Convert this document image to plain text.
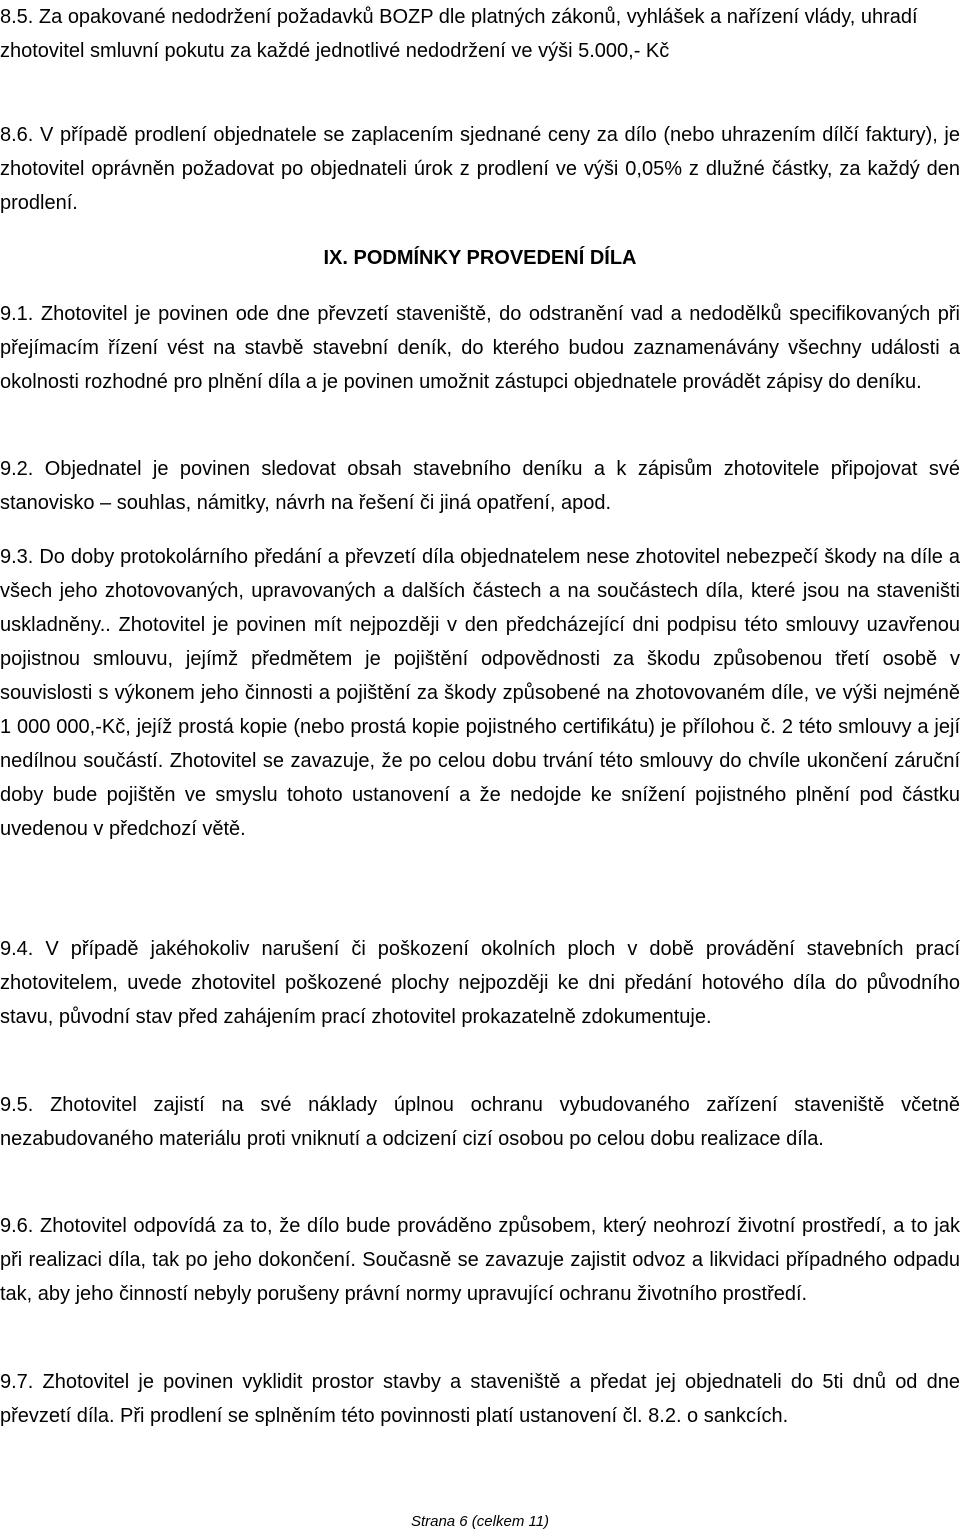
8.5. Za opakované nedodržení požadavků BOZP dle platných zákonů, vyhlášek a nařízení vlády, uhradí zhotovitel smluvní pokutu za každé jednotlivé nedodržení ve výši 5.000,- Kč

8.6. V případě prodlení objednatele se zaplacením sjednané ceny za dílo (nebo uhrazením dílčí faktury), je zhotovitel oprávněn požadovat po objednateli úrok z prodlení ve výši 0,05% z dlužné částky, za každý den prodlení.

IX. PODMÍNKY PROVEDENÍ DÍLA

9.1. Zhotovitel je povinen ode dne převzetí staveniště, do odstranění vad a nedodělků specifikovaných při přejímacím řízení vést na stavbě stavební deník, do kterého budou zaznamenávány všechny události a okolnosti rozhodné pro plnění díla a je povinen umožnit zástupci objednatele provádět zápisy do deníku.

9.2. Objednatel je povinen sledovat obsah stavebního deníku a k zápisům zhotovitele připojovat své stanovisko – souhlas, námitky, návrh na řešení či jiná opatření, apod.

9.3. Do doby protokolárního předání a převzetí díla objednatelem nese zhotovitel nebezpečí škody na díle a všech jeho zhotovovaných, upravovaných a dalších částech a na součástech díla, které jsou na staveništi uskladněny.. Zhotovitel je povinen mít nejpozději v den předcházející dni podpisu této smlouvy uzavřenou pojistnou smlouvu, jejímž předmětem je pojištění odpovědnosti za škodu způsobenou třetí osobě v souvislosti s výkonem jeho činnosti a pojištění za škody způsobené na zhotovovaném díle, ve výši nejméně 1 000 000,-Kč, jejíž prostá kopie (nebo prostá kopie pojistného certifikátu) je přílohou č. 2 této smlouvy a její nedílnou součástí. Zhotovitel se zavazuje, že po celou dobu trvání této smlouvy do chvíle ukončení záruční doby bude pojištěn ve smyslu tohoto ustanovení a že nedojde ke snížení pojistného plnění pod částku uvedenou v předchozí větě.

9.4. V případě jakéhokoliv narušení či poškození okolních ploch v době provádění stavebních prací zhotovitelem, uvede zhotovitel poškozené plochy nejpozději ke dni předání hotového díla do původního stavu, původní stav před zahájením prací zhotovitel prokazatelně zdokumentuje.

9.5. Zhotovitel zajistí na své náklady úplnou ochranu vybudovaného zařízení staveniště včetně nezabudovaného materiálu proti vniknutí a odcizení cizí osobou po celou dobu realizace díla.

9.6. Zhotovitel odpovídá za to, že dílo bude prováděno způsobem, který neohrozí životní prostředí, a to jak při realizaci díla, tak po jeho dokončení. Současně se zavazuje zajistit odvoz a likvidaci případného odpadu tak, aby jeho činností nebyly porušeny právní normy upravující ochranu životního prostředí.

9.7. Zhotovitel je povinen vyklidit prostor stavby a staveniště a předat jej objednateli do 5ti dnů od dne převzetí díla. Při prodlení se splněním této povinnosti platí ustanovení čl. 8.2. o sankcích.

Strana 6 (celkem 11)
